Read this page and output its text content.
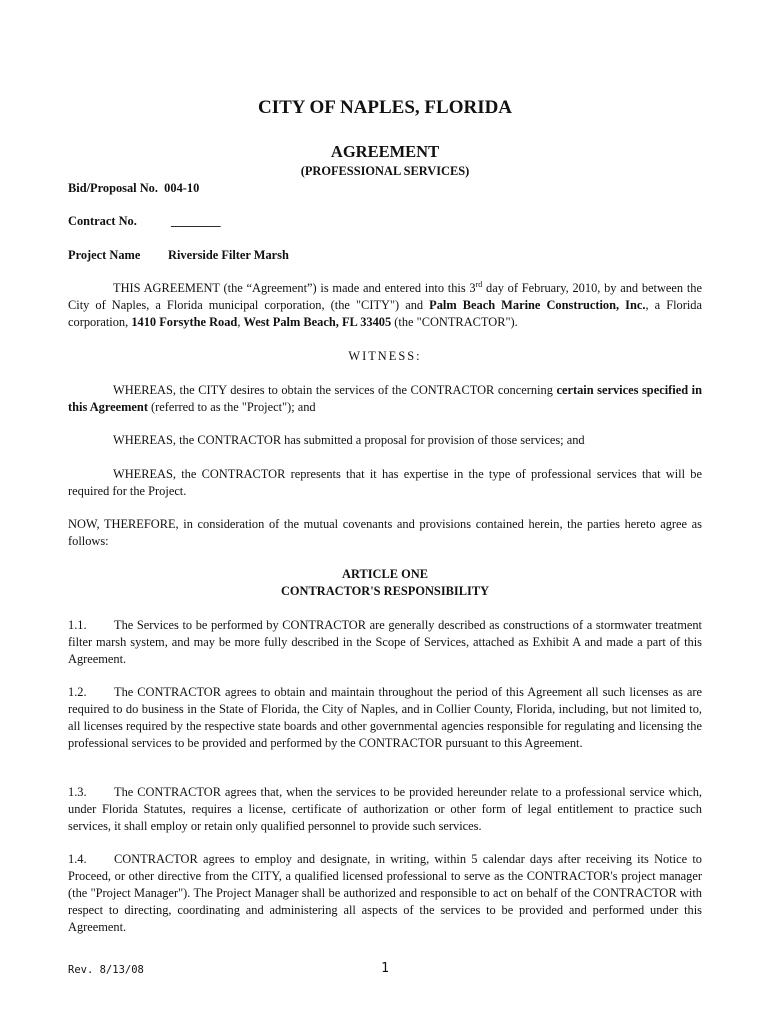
CITY OF NAPLES, FLORIDA
AGREEMENT
(PROFESSIONAL SERVICES)
Bid/Proposal No. 004-10
Contract No.	________
Project Name Riverside Filter Marsh
THIS AGREEMENT (the “Agreement”) is made and entered into this 3rd day of February, 2010, by and between the City of Naples, a Florida municipal corporation, (the "CITY") and Palm Beach Marine Construction, Inc., a Florida corporation, 1410 Forsythe Road, West Palm Beach, FL 33405 (the "CONTRACTOR").
WITNESS:
WHEREAS, the CITY desires to obtain the services of the CONTRACTOR concerning certain services specified in this Agreement (referred to as the "Project"); and
WHEREAS, the CONTRACTOR has submitted a proposal for provision of those services; and
WHEREAS, the CONTRACTOR represents that it has expertise in the type of professional services that will be required for the Project.
NOW, THEREFORE, in consideration of the mutual covenants and provisions contained herein, the parties hereto agree as follows:
ARTICLE ONE
CONTRACTOR'S RESPONSIBILITY
1.1. The Services to be performed by CONTRACTOR are generally described as constructions of a stormwater treatment filter marsh system, and may be more fully described in the Scope of Services, attached as Exhibit A and made a part of this Agreement.
1.2. The CONTRACTOR agrees to obtain and maintain throughout the period of this Agreement all such licenses as are required to do business in the State of Florida, the City of Naples, and in Collier County, Florida, including, but not limited to, all licenses required by the respective state boards and other governmental agencies responsible for regulating and licensing the professional services to be provided and performed by the CONTRACTOR pursuant to this Agreement.
1.3. The CONTRACTOR agrees that, when the services to be provided hereunder relate to a professional service which, under Florida Statutes, requires a license, certificate of authorization or other form of legal entitlement to practice such services, it shall employ or retain only qualified personnel to provide such services.
1.4. CONTRACTOR agrees to employ and designate, in writing, within 5 calendar days after receiving its Notice to Proceed, or other directive from the CITY, a qualified licensed professional to serve as the CONTRACTOR's project manager (the "Project Manager"). The Project Manager shall be authorized and responsible to act on behalf of the CONTRACTOR with respect to directing, coordinating and administering all aspects of the services to be provided and performed under this Agreement.
Rev. 8/13/08	1
